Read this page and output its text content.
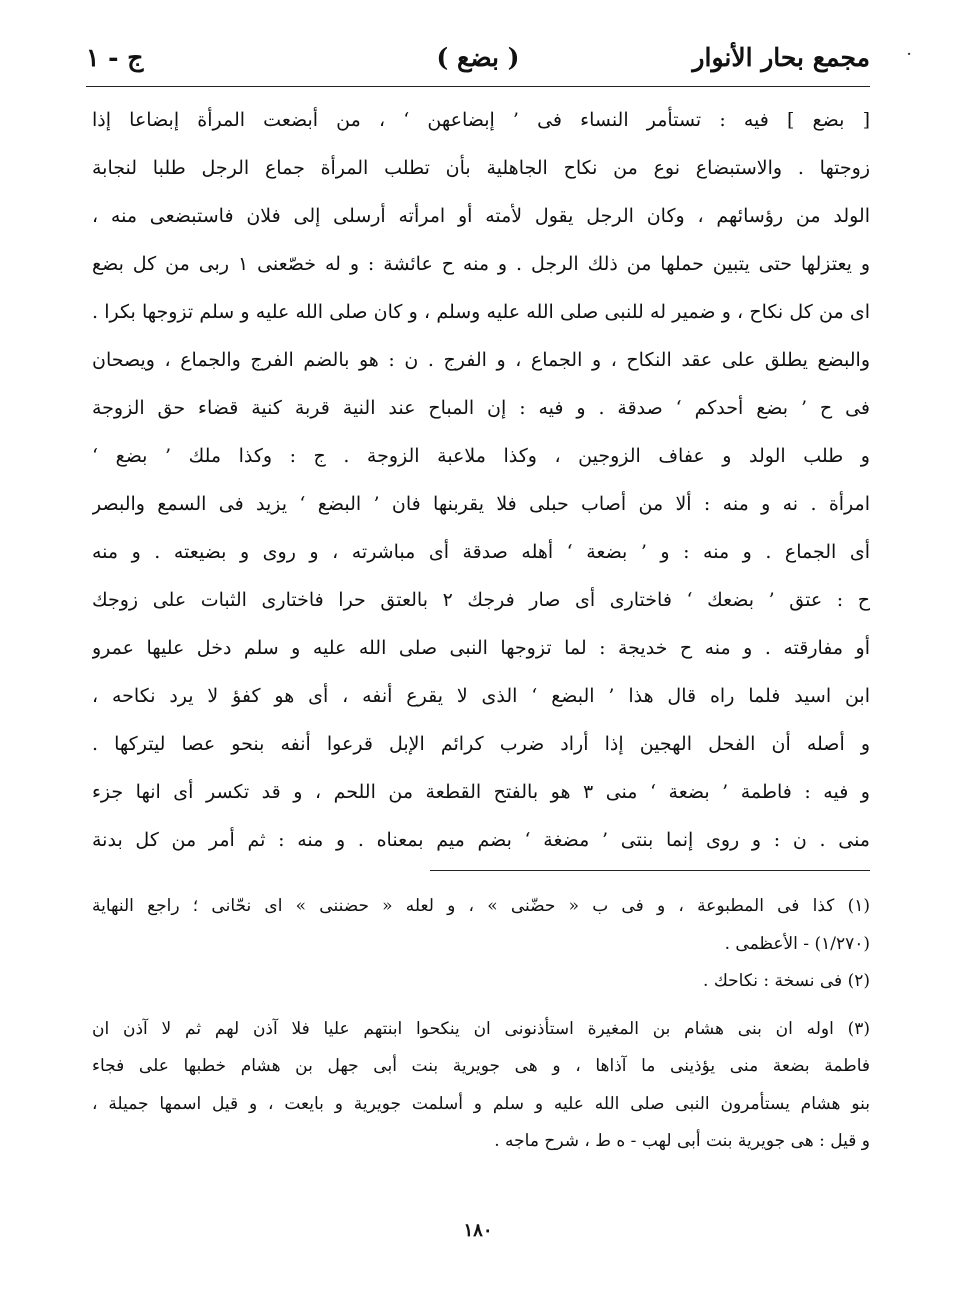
·
مجمع بحار الأنوار
( بضع )
ج - ١
[ بضع ] فيه : تستأمر النساء فى ’ إبضاعهن ‘ ، من أبضعت المرأة إبضاعا إذا
زوجتها . والاستبضاع نوع من نكاح الجاهلية بأن تطلب المرأة جماع الرجل طلبا لنجابة
الولد من رؤسائهم ، وكان الرجل يقول لأمته أو امرأته أرسلى إلى فلان فاستبضعى منه ،
و يعتزلها حتى يتبين حملها من ذلك الرجل . و منه ح عائشة : و له خصّعنى ١ ربى من كل بضع
اى من كل نكاح ، و ضمير له للنبى صلى الله عليه وسلم ، و كان صلى الله عليه و سلم تزوجها بكرا .
والبضع يطلق على عقد النكاح ، و الجماع ، و الفرج . ن : هو بالضم الفرج والجماع ، ويصحان
فى ح ’ بضع أحدكم ‘ صدقة . و فيه : إن المباح عند النية قربة كنية قضاء حق الزوجة
و طلب الولد و عفاف الزوجين ، وكذا ملاعبة الزوجة . ج : وكذا ملك ’ بضع ‘
امرأة . نه و منه : ألا من أصاب حبلى فلا يقربنها فان ’ البضع ‘ يزيد فى السمع والبصر
أى الجماع . و منه : و ’ بضعة ‘ أهله صدقة أى مباشرته ، و روى و بضيعته . و منه
ح : عتق ’ بضعك ‘ فاختارى أى صار فرجك ٢ بالعتق حرا فاختارى الثبات على زوجك
أو مفارقته . و منه ح خديجة : لما تزوجها النبى صلى الله عليه و سلم دخل عليها عمرو
ابن اسيد فلما راه قال هذا ’ البضع ‘ الذى لا يقرع أنفه ، أى هو كفؤ لا يرد نكاحه ،
و أصله أن الفحل الهجين إذا أراد ضرب كرائم الإبل قرعوا أنفه بنحو عصا ليتركها .
و فيه : فاطمة ’ بضعة ‘ منى ٣ هو بالفتح القطعة من اللحم ، و قد تكسر أى انها جزء
منى . ن : و روى إنما بنتى ’ مضغة ‘ بضم ميم بمعناه . و منه : ثم أمر من كل بدنة
(١) كذا فى المطبوعة ، و فى ب « حضّنى » ، و لعله « حضننى » اى نحّانى ؛ راجع النهاية
(١/٢٧٠) - الأعظمى .
(٢) فى نسخة : نكاحك .
(٣) اوله ان بنى هشام بن المغيرة استأذنونى ان ينكحوا ابنتهم عليا فلا آذن لهم ثم لا آذن ان
فاطمة بضعة منى يؤذينى ما آذاها ، و هى جويرية بنت أبى جهل بن هشام خطبها على فجاء
بنو هشام يستأمرون النبى صلى الله عليه و سلم و أسلمت جويرية و بايعت ، و قيل اسمها جميلة ،
و قيل : هى جويرية بنت أبى لهب - ه ط ، شرح ماجه .
١٨٠
